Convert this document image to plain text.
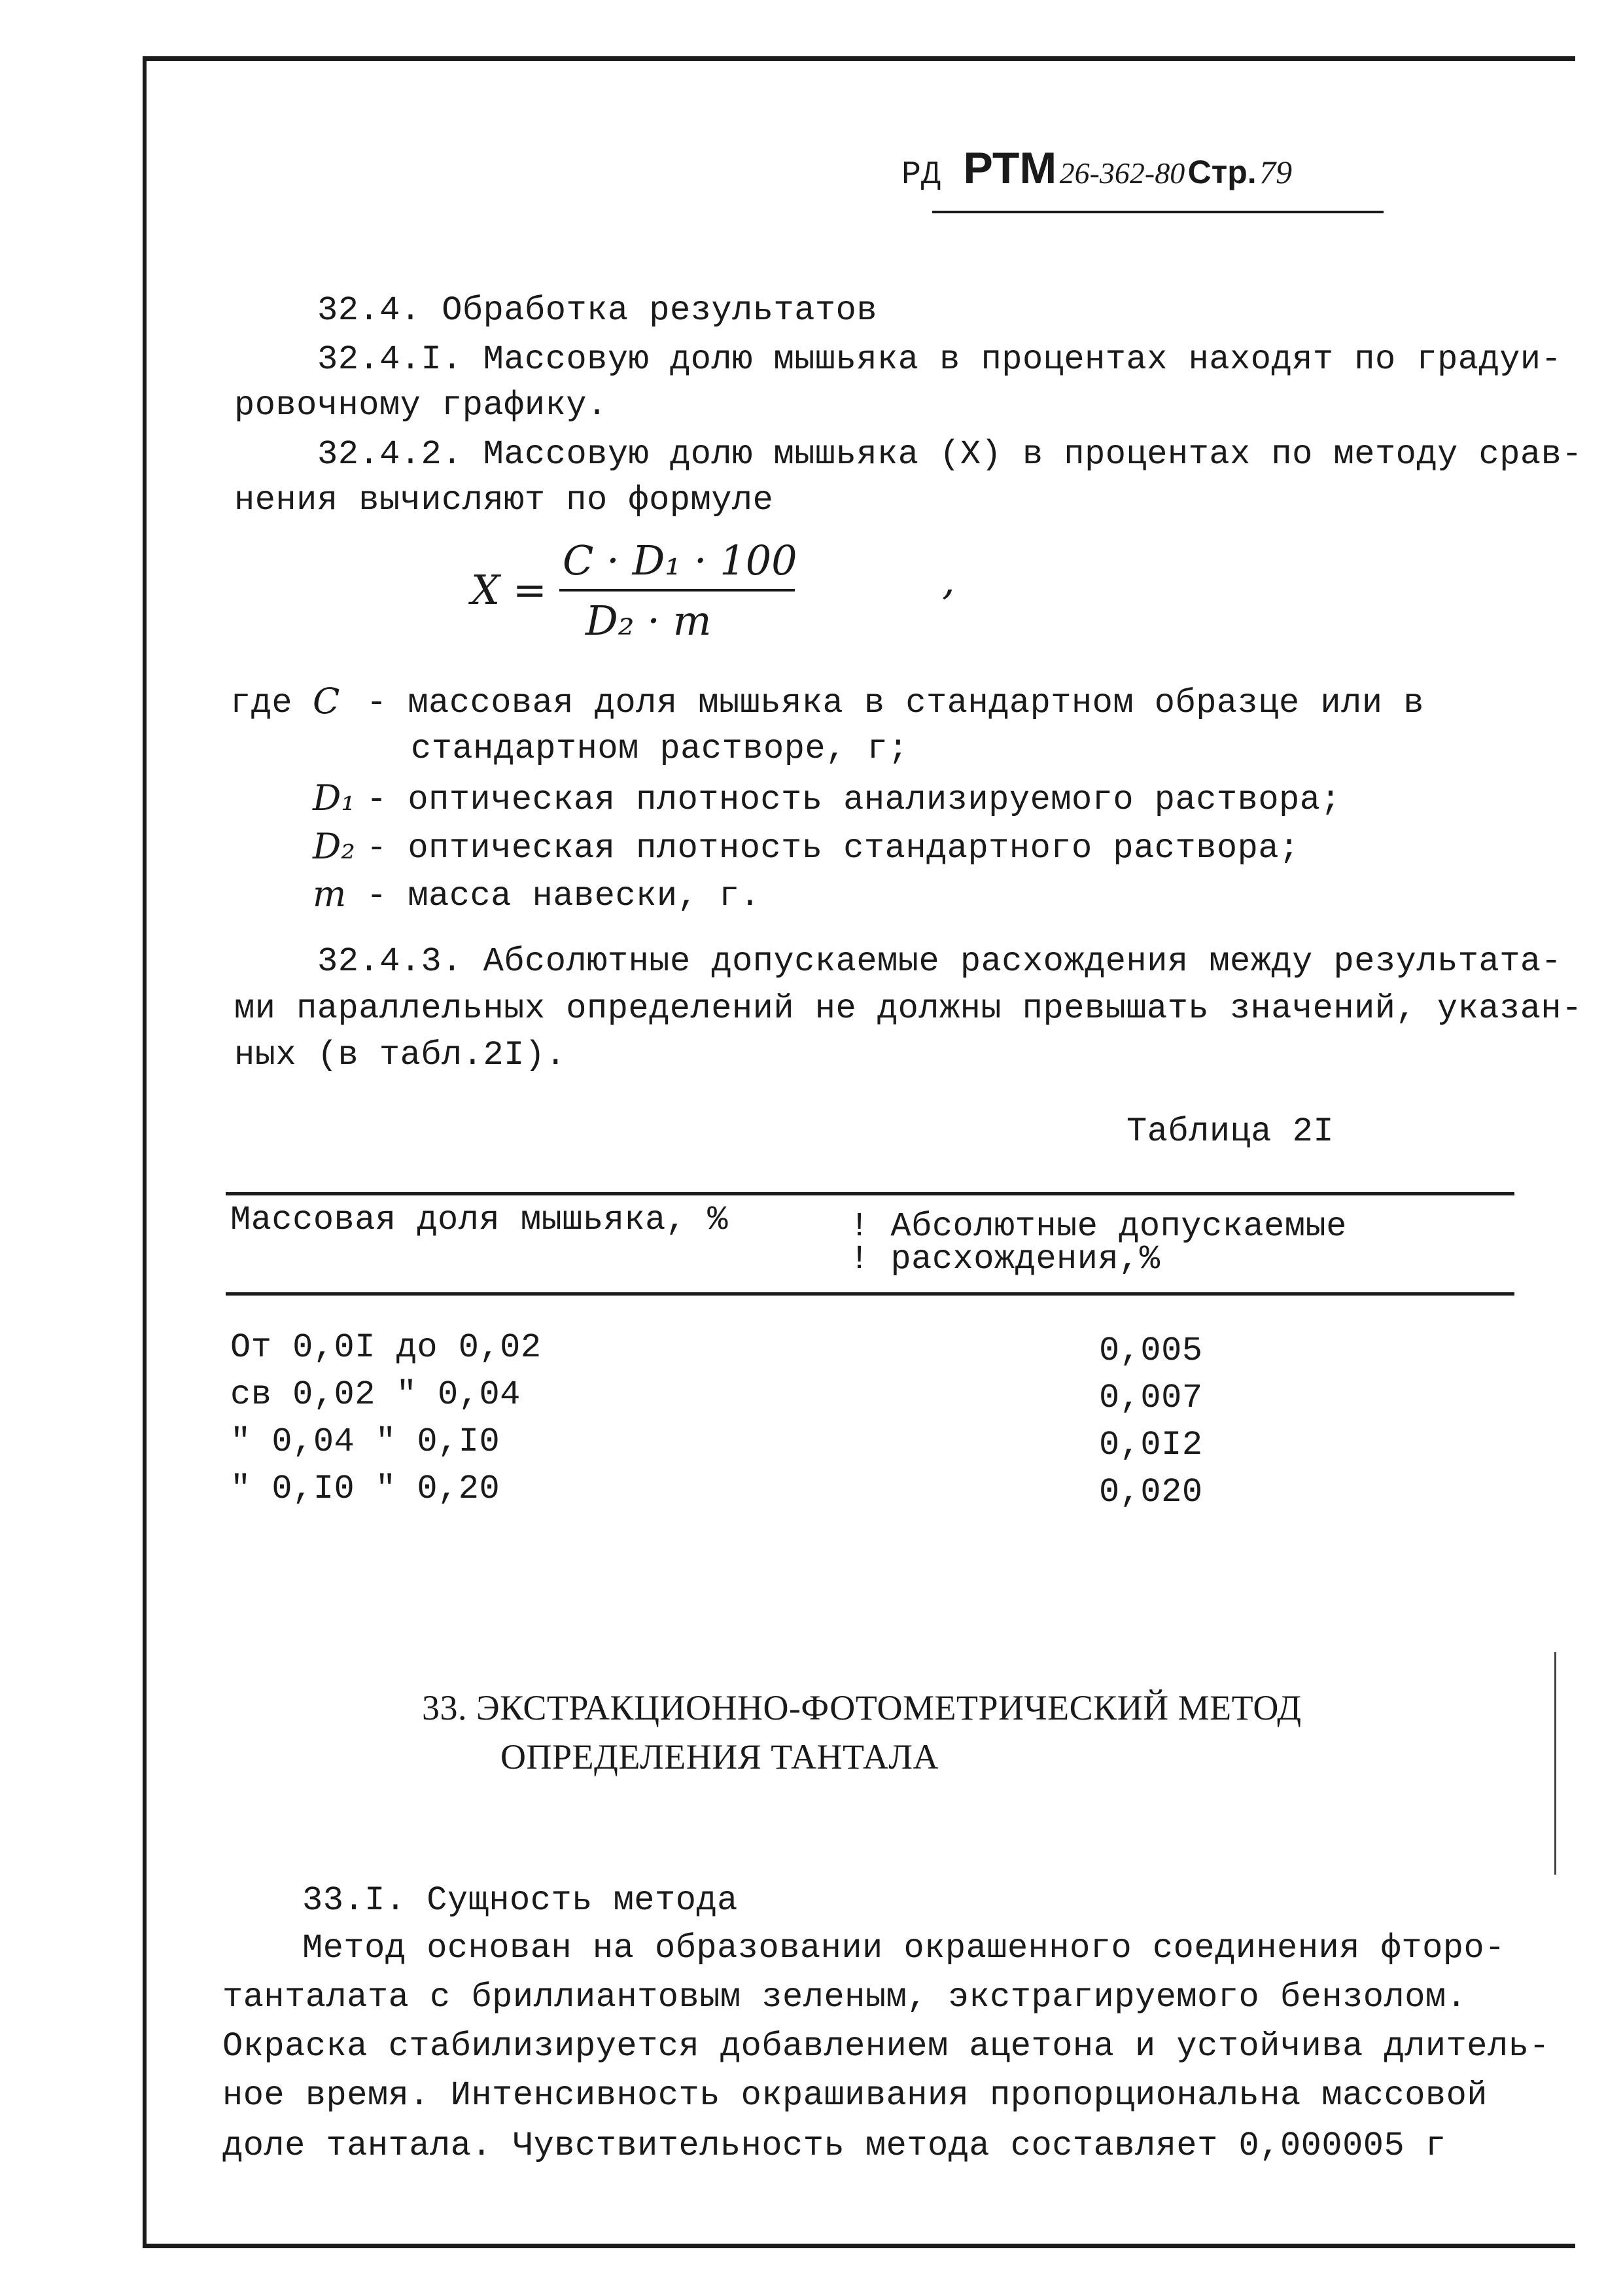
РД РТМ 26-362-80 Стр. 79
32.4. Обработка результатов
32.4.I. Массовую долю мышьяка в процентах находят по градуи-
ровочному графику.
32.4.2. Массовую долю мышьяка (X) в процентах по методу срав-
нения вычисляют по формуле
X =
C · D₁ · 100
D₂ · m
,
где C - массовая доля мышьяка в стандартном образце или в
стандартном растворе, г;
D₁ - оптическая плотность анализируемого раствора;
D₂ - оптическая плотность стандартного раствора;
m - масса навески, г.
32.4.3. Абсолютные допускаемые расхождения между результата-
ми параллельных определений не должны превышать значений, указан-
ных (в табл.2I).
Таблица 2I
Массовая доля мышьяка, %	! Абсолютные допускаемые
! расхождения,%
От 0,0I до 0,02	0,005
св 0,02 " 0,04	0,007
" 0,04 " 0,I0	0,0I2
" 0,I0 " 0,20	0,020
33. ЭКСТРАКЦИОННО-ФОТОМЕТРИЧЕСКИЙ МЕТОД
ОПРЕДЕЛЕНИЯ ТАНТАЛА
33.I. Сущность метода
Метод основан на образовании окрашенного соединения фторо-
танталата с бриллиантовым зеленым, экстрагируемого бензолом.
Окраска стабилизируется добавлением ацетона и устойчива длитель-
ное время. Интенсивность окрашивания пропорциональна массовой
доле тантала. Чувствительность метода составляет 0,000005 г
